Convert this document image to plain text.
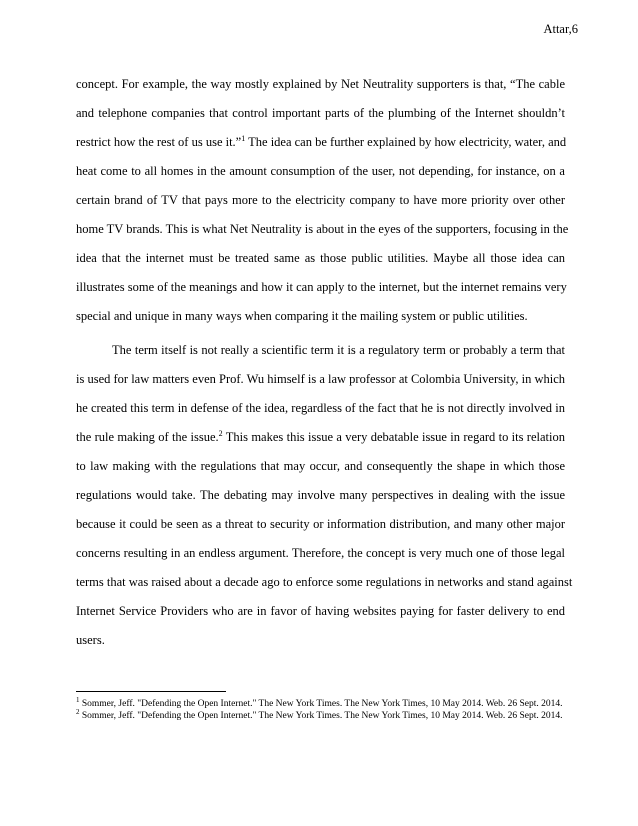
Attar,6
concept. For example, the way mostly explained by Net Neutrality supporters is that, “The cable
and telephone companies that control important parts of the plumbing of the Internet shouldn’t
restrict how the rest of us use it.”$^1$ The idea can be further explained by how electricity, water, and
heat come to all homes in the amount consumption of the user, not depending, for instance, on a
certain brand of TV that pays more to the electricity company to have more priority over other
home TV brands. This is what Net Neutrality is about in the eyes of the supporters, focusing in the
idea that the internet must be treated same as those public utilities. Maybe all those idea can
illustrates some of the meanings and how it can apply to the internet, but the internet remains very
special and unique in many ways when comparing it the mailing system or public utilities.
The term itself is not really a scientific term it is a regulatory term or probably a term that
is used for law matters even Prof. Wu himself is a law professor at Colombia University, in which
he created this term in defense of the idea, regardless of the fact that he is not directly involved in
the rule making of the issue.$^2$ This makes this issue a very debatable issue in regard to its relation
to law making with the regulations that may occur, and consequently the shape in which those
regulations would take. The debating may involve many perspectives in dealing with the issue
because it could be seen as a threat to security or information distribution, and many other major
concerns resulting in an endless argument. Therefore, the concept is very much one of those legal
terms that was raised about a decade ago to enforce some regulations in networks and stand against
Internet Service Providers who are in favor of having websites paying for faster delivery to end
users.

$^1$ Sommer, Jeff. "Defending the Open Internet." The New York Times. The New York Times, 10 May 2014. Web. 26 Sept. 2014.

$^2$ Sommer, Jeff. "Defending the Open Internet." The New York Times. The New York Times, 10 May 2014. Web. 26 Sept. 2014.
